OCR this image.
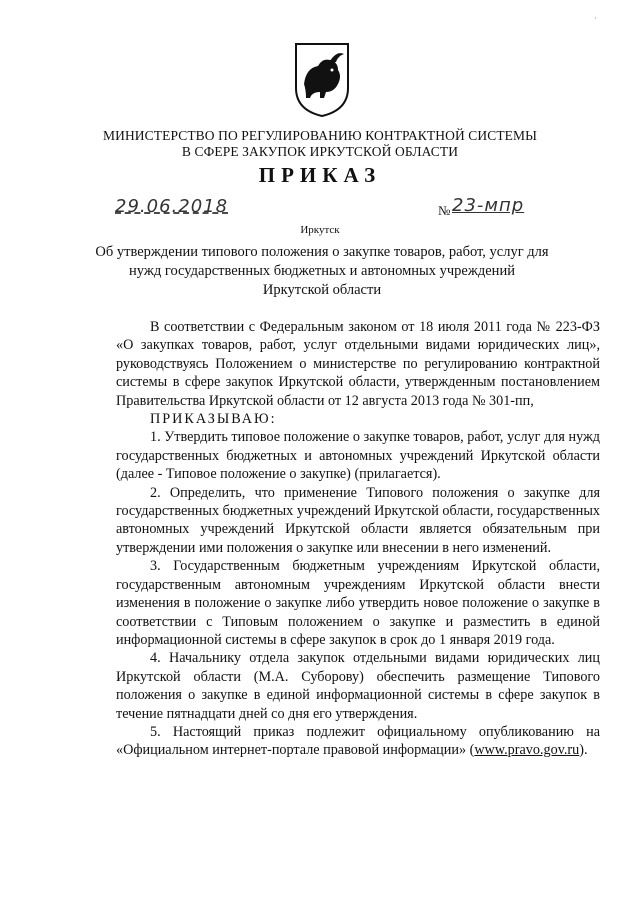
МИНИСТЕРСТВО ПО РЕГУЛИРОВАНИЮ КОНТРАКТНОЙ СИСТЕМЫ
В СФЕРЕ ЗАКУПОК ИРКУТСКОЙ ОБЛАСТИ
ПРИКАЗ
29.06.2018	№ 23-мпр
Иркутск
Об утверждении типового положения о закупке товаров, работ, услуг для
нужд государственных бюджетных и автономных учреждений
Иркутской области

В соответствии с Федеральным законом от 18 июля 2011 года № 223-ФЗ «О закупках товаров, работ, услуг отдельными видами юридических лиц», руководствуясь Положением о министерстве по регулированию контрактной системы в сфере закупок Иркутской области, утвержденным постановлением Правительства Иркутской области от 12 августа 2013 года № 301-пп,

ПРИКАЗЫВАЮ:

1. Утвердить типовое положение о закупке товаров, работ, услуг для нужд государственных бюджетных и автономных учреждений Иркутской области (далее - Типовое положение о закупке) (прилагается).

2. Определить, что применение Типового положения о закупке для государственных бюджетных учреждений Иркутской области, государственных автономных учреждений Иркутской области является обязательным при утверждении ими положения о закупке или внесении в него изменений.

3. Государственным бюджетным учреждениям Иркутской области, государственным автономным учреждениям Иркутской области внести изменения в положение о закупке либо утвердить новое положение о закупке в соответствии с Типовым положением о закупке и разместить в единой информационной системы в сфере закупок в срок до 1 января 2019 года.

4. Начальнику отдела закупок отдельными видами юридических лиц Иркутской области (М.А. Суборову) обеспечить размещение Типового положения о закупке в единой информационной системы в сфере закупок в течение пятнадцати дней со дня его утверждения.

5. Настоящий приказ подлежит официальному опубликованию на «Официальном интернет-портале правовой информации» (www.pravo.gov.ru).

·
